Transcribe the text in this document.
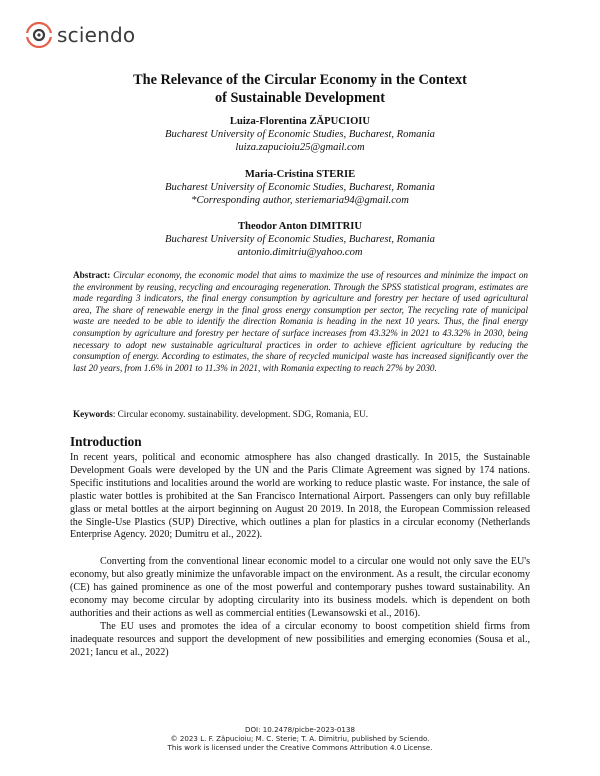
sciendo
The Relevance of the Circular Economy in the Context
of Sustainable Development
Luiza-Florentina ZĂPUCIOIU
Bucharest University of Economic Studies, Bucharest, Romania
luiza.zapucioiu25@gmail.com
Maria-Cristina STERIE
Bucharest University of Economic Studies, Bucharest, Romania
*Corresponding author, steriemaria94@gmail.com
Theodor Anton DIMITRIU
Bucharest University of Economic Studies, Bucharest, Romania
antonio.dimitriu@yahoo.com
Abstract: Circular economy, the economic model that aims to maximize the use of resources and minimize the impact on the environment by reusing, recycling and encouraging regeneration. Through the SPSS statistical program, estimates are made regarding 3 indicators, the final energy consumption by agriculture and forestry per hectare of used agricultural area, The share of renewable energy in the final gross energy consumption per sector, The recycling rate of municipal waste are needed to be able to identify the direction Romania is heading in the next 10 years. Thus, the final energy consumption by agriculture and forestry per hectare of surface increases from 43.32% in 2021 to 43.32% in 2030, being necessary to adopt new sustainable agricultural practices in order to achieve efficient agriculture by reducing the consumption of energy. According to estimates, the share of recycled municipal waste has increased significantly over the last 20 years, from 1.6% in 2001 to 11.3% in 2021, with Romania expecting to reach 27% by 2030.
Keywords: Circular economy. sustainability. development. SDG, Romania, EU.
Introduction
In recent years, political and economic atmosphere has also changed drastically. In 2015, the Sustainable Development Goals were developed by the UN and the Paris Climate Agreement was signed by 174 nations. Specific institutions and localities around the world are working to reduce plastic waste. For instance, the sale of plastic water bottles is prohibited at the San Francisco International Airport. Passengers can only buy refillable glass or metal bottles at the airport beginning on August 20 2019. In 2018, the European Commission released the Single-Use Plastics (SUP) Directive, which outlines a plan for plastics in a circular economy (Netherlands Enterprise Agency. 2020; Dumitru et al., 2022).
Converting from the conventional linear economic model to a circular one would not only save the EU's economy, but also greatly minimize the unfavorable impact on the environment. As a result, the circular economy (CE) has gained prominence as one of the most powerful and contemporary pushes toward sustainability. An economy may become circular by adopting circularity into its business models. which is dependent on both authorities and their actions as well as commercial entities (Lewansowski et al., 2016).
The EU uses and promotes the idea of a circular economy to boost competition shield firms from inadequate resources and support the development of new possibilities and emerging economies (Sousa et al., 2021; Iancu et al., 2022)
DOI: 10.2478/picbe-2023-0138
© 2023 L. F. Zăpucioiu; M. C. Sterie; T. A. Dimitriu, published by Sciendo.
This work is licensed under the Creative Commons Attribution 4.0 License.
